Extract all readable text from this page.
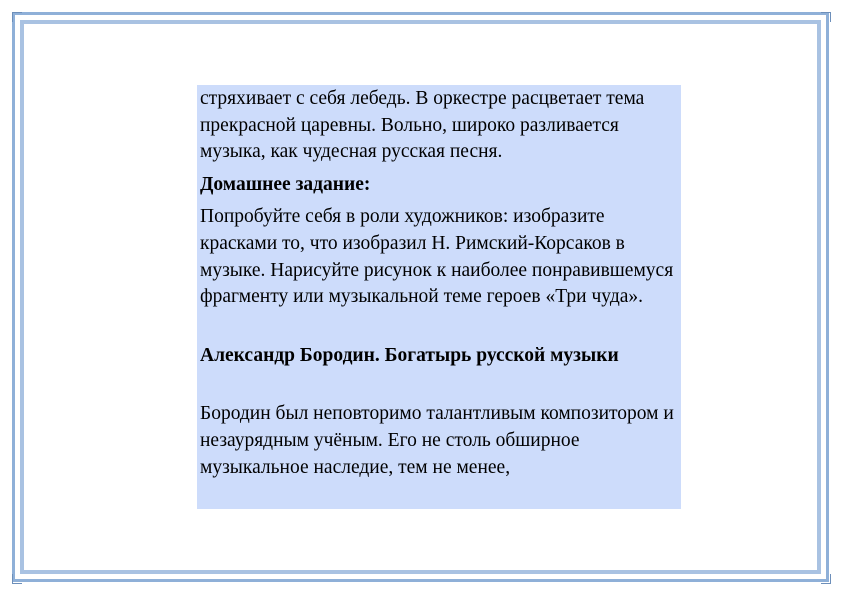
стряхивает с себя лебедь. В оркестре расцветает тема прекрасной царевны. Вольно, широко разливается музыка, как чудесная русская песня.

Домашнее задание:

Попробуйте себя в роли художников: изобразите красками то, что изобразил Н. Римский-Корсаков в музыке. Нарисуйте рисунок к наиболее понравившемуся фрагменту или музыкальной теме героев «Три чуда».

Александр Бородин. Богатырь русской музыки

Бородин был неповторимо талантливым композитором и незаурядным учёным. Его не столь обширное музыкальное наследие, тем не менее,
